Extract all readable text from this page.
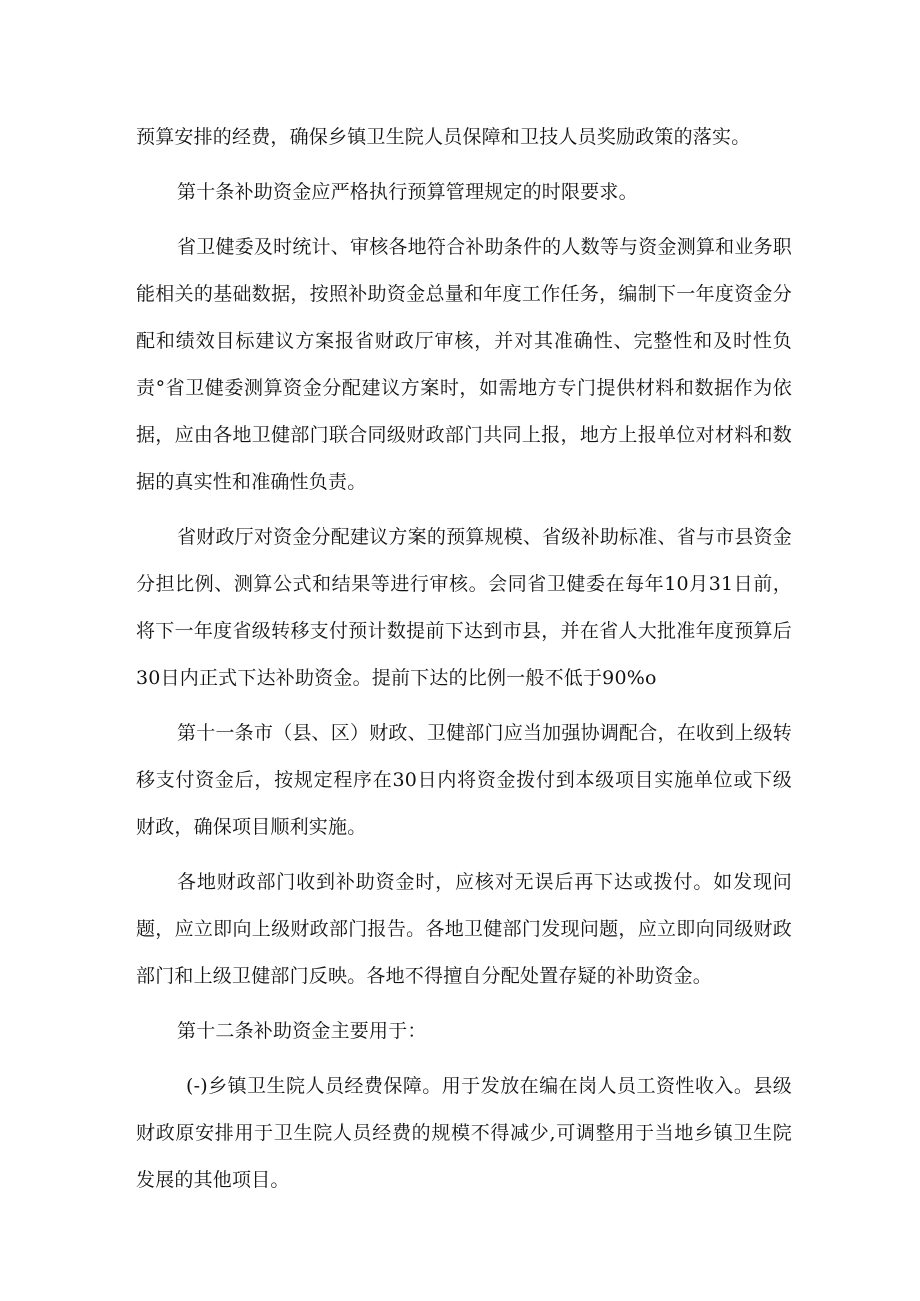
预算安排的经费，确保乡镇卫生院人员保障和卫技人员奖励政策的落实。

第十条补助资金应严格执行预算管理规定的时限要求。

省卫健委及时统计、审核各地符合补助条件的人数等与资金测算和业务职能相关的基础数据，按照补助资金总量和年度工作任务，编制下一年度资金分配和绩效目标建议方案报省财政厅审核，并对其准确性、完整性和及时性负责°省卫健委测算资金分配建议方案时，如需地方专门提供材料和数据作为依据，应由各地卫健部门联合同级财政部门共同上报，地方上报单位对材料和数据的真实性和准确性负责。

省财政厅对资金分配建议方案的预算规模、省级补助标准、省与市县资金分担比例、测算公式和结果等进行审核。会同省卫健委在每年10月31日前，将下一年度省级转移支付预计数提前下达到市县，并在省人大批准年度预算后30日内正式下达补助资金。提前下达的比例一般不低于90%o

第十一条市（县、区）财政、卫健部门应当加强协调配合，在收到上级转移支付资金后，按规定程序在30日内将资金拨付到本级项目实施单位或下级财政，确保项目顺利实施。

各地财政部门收到补助资金时，应核对无误后再下达或拨付。如发现问题，应立即向上级财政部门报告。各地卫健部门发现问题，应立即向同级财政部门和上级卫健部门反映。各地不得擅自分配处置存疑的补助资金。

第十二条补助资金主要用于：

(-)乡镇卫生院人员经费保障。用于发放在编在岗人员工资性收入。县级财政原安排用于卫生院人员经费的规模不得减少,可调整用于当地乡镇卫生院发展的其他项目。
